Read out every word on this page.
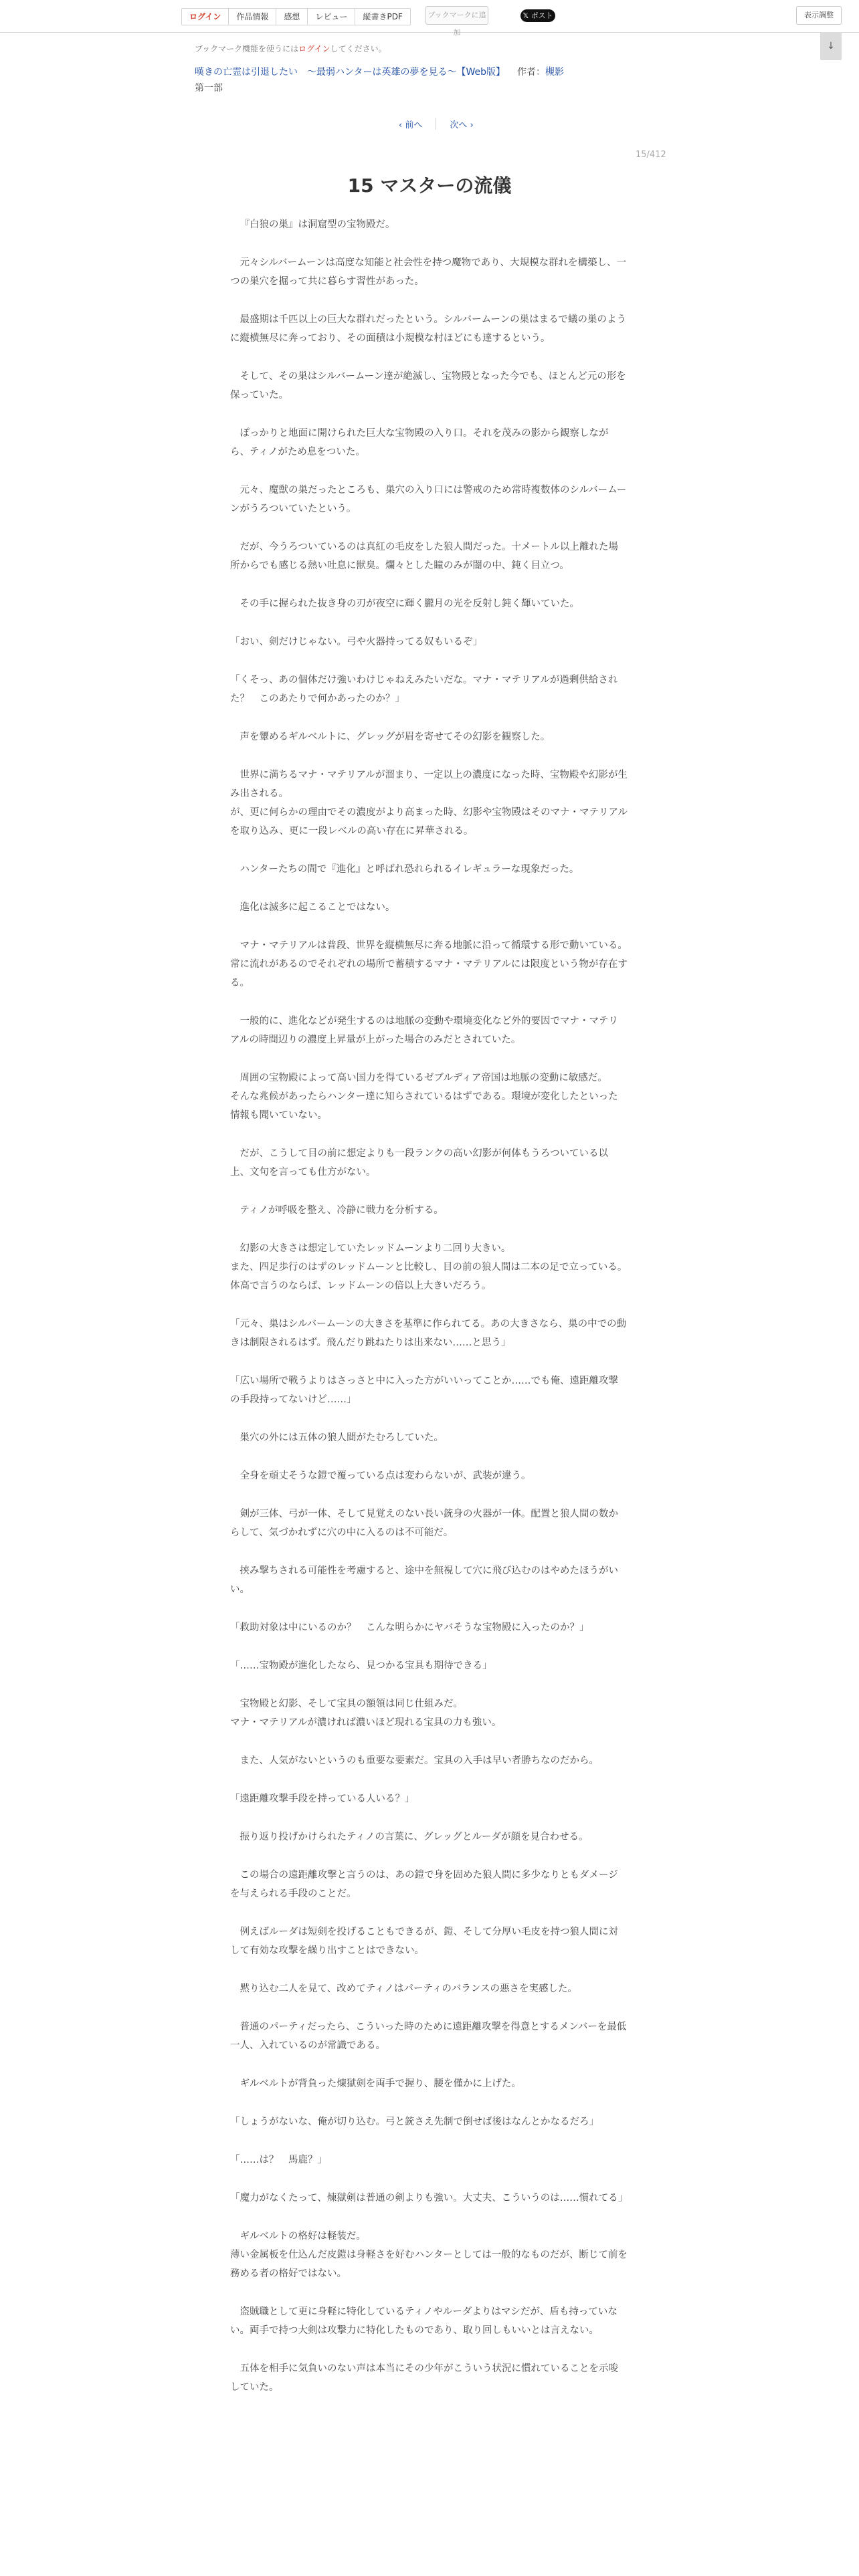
ログイン	作品情報	感想	レビュー	縦書きPDF	ブックマークに追加
𝕏 ポスト	表示調整
↓
ブックマーク機能を使うにはログインしてください。
嘆きの亡霊は引退したい　〜最弱ハンターは英雄の夢を見る〜【Web版】 作者：槻影
第一部
‹ 前へ	次へ ›
15/412
15 マスターの流儀

『白狼の巣』は洞窟型の宝物殿だ。

元々シルバームーンは高度な知能と社会性を持つ魔物であり、大規模な群れを構築し、一つの巣穴を掘って共に暮らす習性があった。

最盛期は千匹以上の巨大な群れだったという。シルバームーンの巣はまるで蟻の巣のように縦横無尽に奔っており、その面積は小規模な村ほどにも達するという。

そして、その巣はシルバームーン達が絶滅し、宝物殿となった今でも、ほとんど元の形を保っていた。

ぽっかりと地面に開けられた巨大な宝物殿の入り口。それを茂みの影から観察しながら、ティノがため息をついた。

元々、魔獣の巣だったところも、巣穴の入り口には警戒のため常時複数体のシルバームーンがうろついていたという。

だが、今うろついているのは真紅の毛皮をした狼人間だった。十メートル以上離れた場所からでも感じる熱い吐息に獣臭。爛々とした瞳のみが闇の中、鈍く目立つ。

その手に握られた抜き身の刃が夜空に輝く朧月の光を反射し鈍く輝いていた。

「おい、剣だけじゃない。弓や火器持ってる奴もいるぞ」

「くそっ、あの個体だけ強いわけじゃねえみたいだな。マナ・マテリアルが過剰供給された？　このあたりで何かあったのか？」

声を顰めるギルベルトに、グレッグが眉を寄せてその幻影を観察した。

世界に満ちるマナ・マテリアルが溜まり、一定以上の濃度になった時、宝物殿や幻影が生み出される。
が、更に何らかの理由でその濃度がより高まった時、幻影や宝物殿はそのマナ・マテリアルを取り込み、更に一段レベルの高い存在に昇華される。

ハンターたちの間で『進化』と呼ばれ恐れられるイレギュラーな現象だった。

進化は滅多に起こることではない。

マナ・マテリアルは普段、世界を縦横無尽に奔る地脈に沿って循環する形で動いている。
常に流れがあるのでそれぞれの場所で蓄積するマナ・マテリアルには限度という物が存在する。

一般的に、進化などが発生するのは地脈の変動や環境変化など外的要因でマナ・マテリアルの時間辺りの濃度上昇量が上がった場合のみだとされていた。

周囲の宝物殿によって高い国力を得ているゼブルディア帝国は地脈の変動に敏感だ。
そんな兆候があったらハンター達に知らされているはずである。環境が変化したといった情報も聞いていない。

だが、こうして目の前に想定よりも一段ランクの高い幻影が何体もうろついている以上、文句を言っても仕方がない。

ティノが呼吸を整え、冷静に戦力を分析する。

幻影の大きさは想定していたレッドムーンより二回り大きい。
また、四足歩行のはずのレッドムーンと比較し、目の前の狼人間は二本の足で立っている。体高で言うのならば、レッドムーンの倍以上大きいだろう。

「元々、巣はシルバームーンの大きさを基準に作られてる。あの大きさなら、巣の中での動きは制限されるはず。飛んだり跳ねたりは出来ない……と思う」

「広い場所で戦うよりはさっさと中に入った方がいいってことか……でも俺、遠距離攻撃の手段持ってないけど……」

巣穴の外には五体の狼人間がたむろしていた。

全身を頑丈そうな鎧で覆っている点は変わらないが、武装が違う。

剣が三体、弓が一体、そして見覚えのない長い銃身の火器が一体。配置と狼人間の数からして、気づかれずに穴の中に入るのは不可能だ。

挟み撃ちされる可能性を考慮すると、途中を無視して穴に飛び込むのはやめたほうがいい。

「救助対象は中にいるのか？　こんな明らかにヤバそうな宝物殿に入ったのか？」

「……宝物殿が進化したなら、見つかる宝具も期待できる」

宝物殿と幻影、そして宝具の額領は同じ仕組みだ。
マナ・マテリアルが濃ければ濃いほど現れる宝具の力も強い。

また、人気がないというのも重要な要素だ。宝具の入手は早い者勝ちなのだから。

「遠距離攻撃手段を持っている人いる？」

振り返り投げかけられたティノの言葉に、グレッグとルーダが顔を見合わせる。

この場合の遠距離攻撃と言うのは、あの鎧で身を固めた狼人間に多少なりともダメージを与えられる手段のことだ。

例えばルーダは短剣を投げることもできるが、鎧、そして分厚い毛皮を持つ狼人間に対して有効な攻撃を繰り出すことはできない。

黙り込む二人を見て、改めてティノはパーティのバランスの悪さを実感した。

普通のパーティだったら、こういった時のために遠距離攻撃を得意とするメンバーを最低一人、入れているのが常識である。

ギルベルトが背負った煉獄剣を両手で握り、腰を僅かに上げた。

「しょうがないな、俺が切り込む。弓と銃さえ先制で倒せば後はなんとかなるだろ」

「……は？　馬鹿？」

「魔力がなくたって、煉獄剣は普通の剣よりも強い。大丈夫、こういうのは……慣れてる」

ギルベルトの格好は軽装だ。
薄い金属板を仕込んだ皮鎧は身軽さを好むハンターとしては一般的なものだが、断じて前を務める者の格好ではない。

盗賊職として更に身軽に特化しているティノやルーダよりはマシだが、盾も持っていない。両手で持つ大剣は攻撃力に特化したものであり、取り回しもいいとは言えない。

五体を相手に気負いのない声は本当にその少年がこういう状況に慣れていることを示唆していた。
